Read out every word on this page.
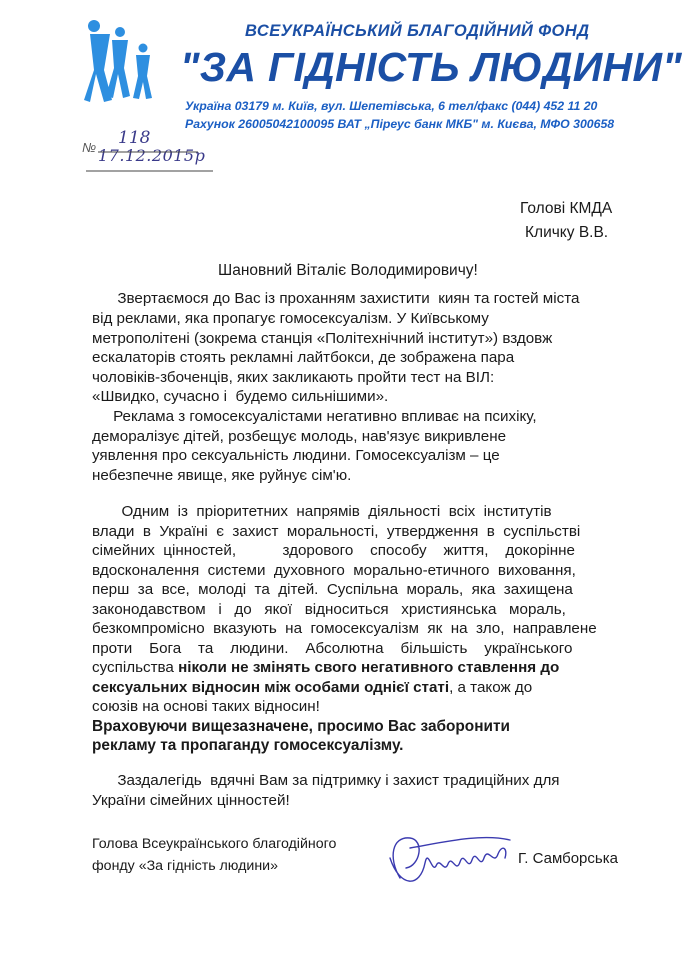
ВСЕУКРАЇНСЬКИЙ БЛАГОДІЙНИЙ ФОНД
"ЗА ГІДНІСТЬ ЛЮДИНИ"
Україна 03179 м. Київ, вул. Шепетівська, 6 тел/факс (044) 452 11 20
Рахунок 26005042100095 ВАТ „Піреус банк МКБ" м. Києва, МФО 300658
№ 118
17.12.2015р
Голові КМДА
Кличку В.В.
Шановний Віталіє Володимировичу!
Звертаємося до Вас із проханням захистити  киян та гостей міста
від реклами, яка пропагує гомосексуалізм. У Київському
метрополітені (зокрема станція «Політехнічний інститут») вздовж
ескалаторів стоять рекламні лайтбокси, де зображена пара
чоловіків-збоченців, яких закликають пройти тест на ВІЛ:
«Швидко, сучасно і  будемо сильнішими».
Реклама з гомосексуалістами негативно впливає на психіку,
деморалізує дітей, розбещує молодь, нав'язує викривлене
уявлення про сексуальність людини. Гомосексуалізм – це
небезпечне явище, яке руйнує сім'ю.
Одним  із  пріоритетних  напрямів  діяльності  всіх  інститутів
влади  в  Україні  є  захист  моральності,  утвердження  в  суспільстві
сімейних  цінностей,           здорового    способу    життя,    докорінне
вдосконалення  системи  духовного  морально-етичного  виховання,
перш  за  все,  молоді  та  дітей.  Суспільна  мораль,  яка  захищена
законодавством   і   до   якої   відноситься   християнська   мораль,
безкомпромісно  вказують  на  гомосексуалізм  як  на  зло,  направлене
проти    Бога    та    людини.    Абсолютна    більшість    українського
суспільства ніколи не змінять свого негативного ставлення до
сексуальних відносин між особами однієї статі, а також до
союзів на основі таких відносин!
Враховуючи вищезазначене, просимо Вас заборонити
рекламу та пропаганду гомосексуалізму.
Заздалегідь  вдячні Вам за підтримку і захист традиційних для
України сімейних цінностей!
Голова Всеукраїнського благодійного
фонду «За гідність людини»	Г. Самборська
